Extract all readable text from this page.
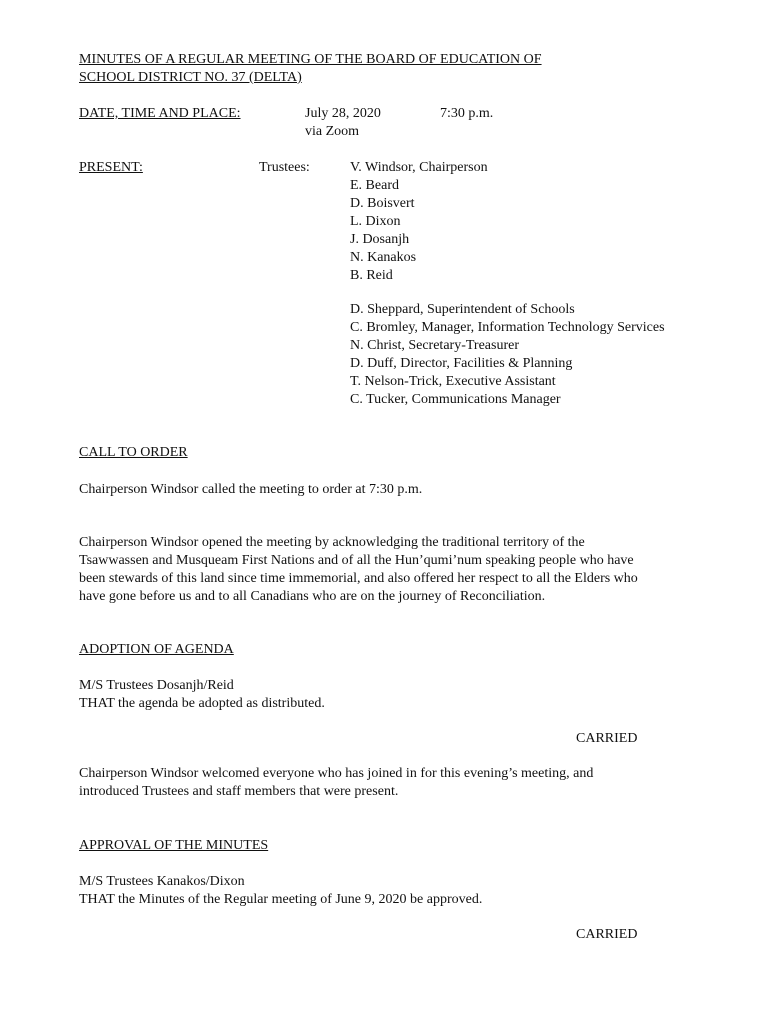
MINUTES OF A REGULAR MEETING OF THE BOARD OF EDUCATION OF
SCHOOL DISTRICT NO. 37 (DELTA)
DATE, TIME AND PLACE:	July 28, 2020	7:30 p.m.
via Zoom
PRESENT:	Trustees:	V. Windsor, Chairperson
E. Beard
D. Boisvert
L. Dixon
J. Dosanjh
N. Kanakos
B. Reid
D. Sheppard, Superintendent of Schools
C. Bromley, Manager, Information Technology Services
N. Christ, Secretary-Treasurer
D. Duff, Director, Facilities & Planning
T. Nelson-Trick, Executive Assistant
C. Tucker, Communications Manager
CALL TO ORDER
Chairperson Windsor called the meeting to order at 7:30 p.m.
Chairperson Windsor opened the meeting by acknowledging the traditional territory of the
Tsawwassen and Musqueam First Nations and of all the Hun’qumi’num speaking people who have
been stewards of this land since time immemorial, and also offered her respect to all the Elders who
have gone before us and to all Canadians who are on the journey of Reconciliation.
ADOPTION OF AGENDA
M/S Trustees Dosanjh/Reid
THAT the agenda be adopted as distributed.
CARRIED
Chairperson Windsor welcomed everyone who has joined in for this evening’s meeting, and
introduced Trustees and staff members that were present.
APPROVAL OF THE MINUTES
M/S Trustees Kanakos/Dixon
THAT the Minutes of the Regular meeting of June 9, 2020 be approved.
CARRIED
